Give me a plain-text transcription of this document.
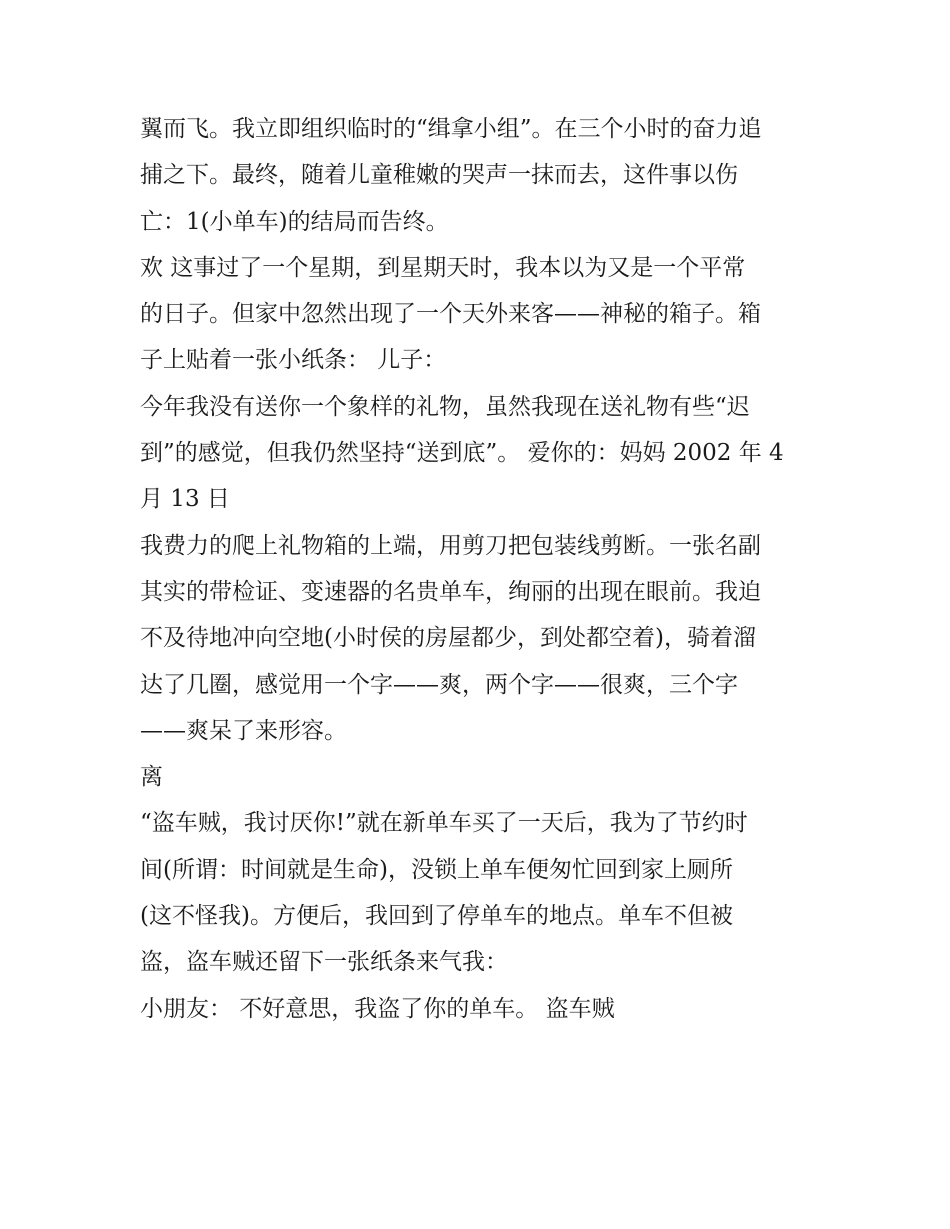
翼而飞。我立即组织临时的“缉拿小组”。在三个小时的奋力追
捕之下。最终，随着儿童稚嫩的哭声一抹而去，这件事以伤
亡：1(小单车)的结局而告终。
欢 这事过了一个星期，到星期天时，我本以为又是一个平常
的日子。但家中忽然出现了一个天外来客——神秘的箱子。箱
子上贴着一张小纸条： 儿子：
今年我没有送你一个象样的礼物，虽然我现在送礼物有些“迟
到”的感觉，但我仍然坚持“送到底”。 爱你的：妈妈 2002 年 4
月 13 日
我费力的爬上礼物箱的上端，用剪刀把包装线剪断。一张名副
其实的带检证、变速器的名贵单车，绚丽的出现在眼前。我迫
不及待地冲向空地(小时侯的房屋都少，到处都空着)，骑着溜
达了几圈，感觉用一个字——爽，两个字——很爽，三个字
——爽呆了来形容。
离
“盗车贼，我讨厌你!”就在新单车买了一天后，我为了节约时
间(所谓：时间就是生命)，没锁上单车便匆忙回到家上厕所
(这不怪我)。方便后，我回到了停单车的地点。单车不但被
盗，盗车贼还留下一张纸条来气我：
小朋友： 不好意思，我盗了你的单车。 盗车贼
